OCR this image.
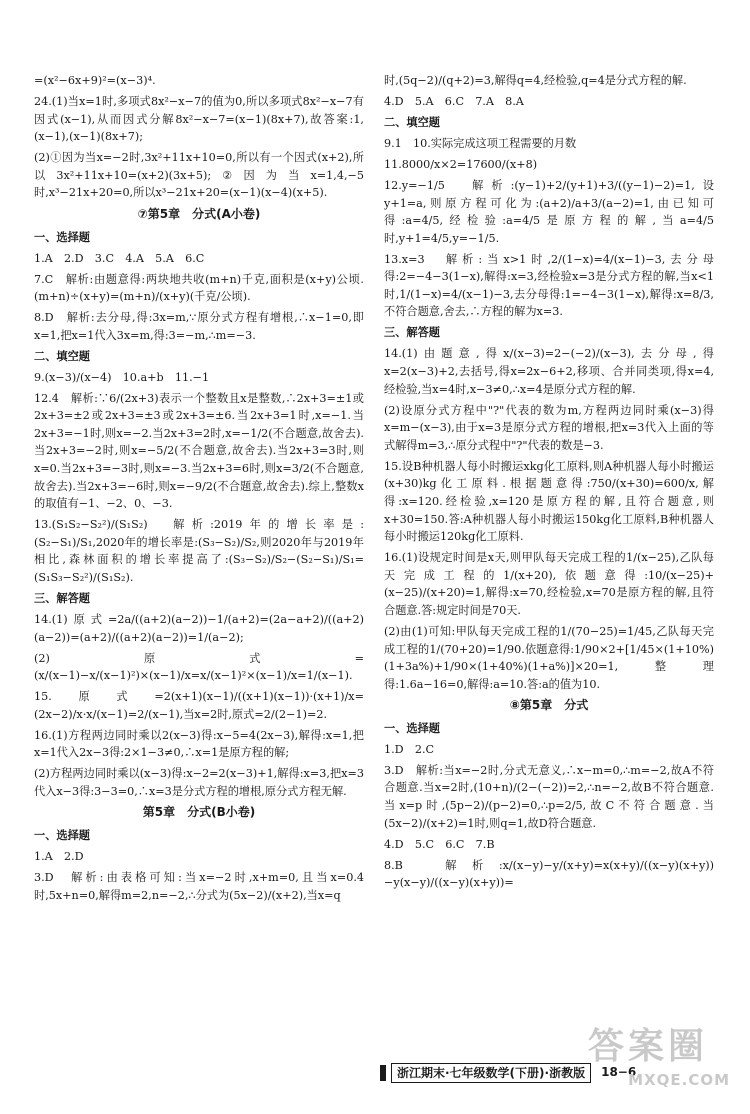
=(x²−6x+9)²=(x−3)⁴.

24.(1)当x=1时,多项式8x²−x−7的值为0,所以多项式8x²−x−7有因式(x−1),从而因式分解8x²−x−7=(x−1)(8x+7),故答案:1,(x−1),(x−1)(8x+7);

(2)①因为当x=−2时,3x²+11x+10=0,所以有一个因式(x+2),所以3x²+11x+10=(x+2)(3x+5);②因为当x=1,4,−5时,x³−21x+20=0,所以x³−21x+20=(x−1)(x−4)(x+5).

⑦第5章　分式(A小卷)

一、选择题

1.A　2.D　3.C　4.A　5.A　6.C

7.C　解析:由题意得:两块地共收(m+n)千克,面积是(x+y)公顷.(m+n)÷(x+y)=(m+n)/(x+y)(千克/公顷).

8.D　解析:去分母,得:3x=m,∵原分式方程有增根,∴x−1=0,即x=1,把x=1代入3x=m,得:3=−m,∴m=−3.

二、填空题

9.(x−3)/(x−4)　10.a+b　11.−1

12.4　解析:∵6/(2x+3)表示一个整数且x是整数,∴2x+3=±1或2x+3=±2或2x+3=±3或2x+3=±6.当2x+3=1时,x=−1.当2x+3=−1时,则x=−2.当2x+3=2时,x=−1/2(不合题意,故舍去).当2x+3=−2时,则x=−5/2(不合题意,故舍去).当2x+3=3时,则x=0.当2x+3=−3时,则x=−3.当2x+3=6时,则x=3/2(不合题意,故舍去).当2x+3=−6时,则x=−9/2(不合题意,故舍去).综上,整数x的取值有−1、−2、0、−3.

13.(S₁S₂−S₂²)/(S₁S₂)　解析:2019年的增长率是:(S₂−S₁)/S₁,2020年的增长率是:(S₃−S₂)/S₂,则2020年与2019年相比,森林面积的增长率提高了:(S₃−S₂)/S₂−(S₂−S₁)/S₁=(S₁S₃−S₂²)/(S₁S₂).

三、解答题

14.(1)原式=2a/((a+2)(a−2))−1/(a+2)=(2a−a+2)/((a+2)(a−2))=(a+2)/((a+2)(a−2))=1/(a−2);

(2)原式=(x/(x−1)−x/(x−1)²)×(x−1)/x=x/(x−1)²×(x−1)/x=1/(x−1).

15.原式=2(x+1)(x−1)/((x+1)(x−1))·(x+1)/x=(2x−2)/x·x/(x−1)=2/(x−1),当x=2时,原式=2/(2−1)=2.

16.(1)方程两边同时乘以2(x−3)得:x−5=4(2x−3),解得:x=1,把x=1代入2x−3得:2×1−3≠0,∴x=1是原方程的解;

(2)方程两边同时乘以(x−3)得:x−2=2(x−3)+1,解得:x=3,把x=3代入x−3得:3−3=0,∴x=3是分式方程的增根,原分式方程无解.

第5章　分式(B小卷)

一、选择题

1.A　2.D

3.D　解析:由表格可知:当x=−2时,x+m=0,且当x=0.4时,5x+n=0,解得m=2,n=−2,∴分式为(5x−2)/(x+2),当x=q

时,(5q−2)/(q+2)=3,解得q=4,经检验,q=4是分式方程的解.

4.D　5.A　6.C　7.A　8.A

二、填空题

9.1　10.实际完成这项工程需要的月数

11.8000/x×2=17600/(x+8)

12.y=−1/5　解析:(y−1)+2/(y+1)+3/((y−1)−2)=1,设y+1=a,则原方程可化为:(a+2)/a+3/(a−2)=1,由已知可得:a=4/5,经检验:a=4/5是原方程的解,当a=4/5时,y+1=4/5,y=−1/5.

13.x=3　解析:当x>1时,2/(1−x)=4/(x−1)−3,去分母得:2=−4−3(1−x),解得:x=3,经检验x=3是分式方程的解,当x<1时,1/(1−x)=4/(x−1)−3,去分母得:1=−4−3(1−x),解得:x=8/3,不符合题意,舍去,∴方程的解为x=3.

三、解答题

14.(1)由题意,得x/(x−3)=2−(−2)/(x−3),去分母,得x=2(x−3)+2,去括号,得x=2x−6+2,移项、合并同类项,得x=4,经检验,当x=4时,x−3≠0,∴x=4是原分式方程的解.

(2)设原分式方程中"?"代表的数为m,方程两边同时乘(x−3)得x=m−(x−3),由于x=3是原分式方程的增根,把x=3代入上面的等式解得m=3,∴原分式程中"?"代表的数是−3.

15.设B种机器人每小时搬运xkg化工原料,则A种机器人每小时搬运(x+30)kg化工原料.根据题意得:750/(x+30)=600/x,解得:x=120.经检验,x=120是原方程的解,且符合题意,则x+30=150.答:A种机器人每小时搬运150kg化工原料,B种机器人每小时搬运120kg化工原料.

16.(1)设规定时间是x天,则甲队每天完成工程的1/(x−25),乙队每天完成工程的1/(x+20),依题意得:10/(x−25)+(x−25)/(x+20)=1,解得:x=70,经检验,x=70是原方程的解,且符合题意.答:规定时间是70天.

(2)由(1)可知:甲队每天完成工程的1/(70−25)=1/45,乙队每天完成工程的1/(70+20)=1/90.依题意得:1/90×2+[1/45×(1+10%)(1+3a%)+1/90×(1+40%)(1+a%)]×20=1,整理得:1.6a−16=0,解得:a=10.答:a的值为10.

⑧第5章　分式

一、选择题

1.D　2.C

3.D　解析:当x=−2时,分式无意义,∴x−m=0,∴m=−2,故A不符合题意.当x=2时,(10+n)/(2−(−2))=2,∴n=−2,故B不符合题意.当x=p时,(5p−2)/(p−2)=0,∴p=2/5,故C不符合题意.当(5x−2)/(x+2)=1时,则q=1,故D符合题意.

4.D　5.C　6.C　7.B

8.B　解析:x/(x−y)−y/(x+y)=x(x+y)/((x−y)(x+y))−y(x−y)/((x−y)(x+y))=

浙江期末·七年级数学(下册)·浙教版	18−6
答案圈
MXQE.COM
